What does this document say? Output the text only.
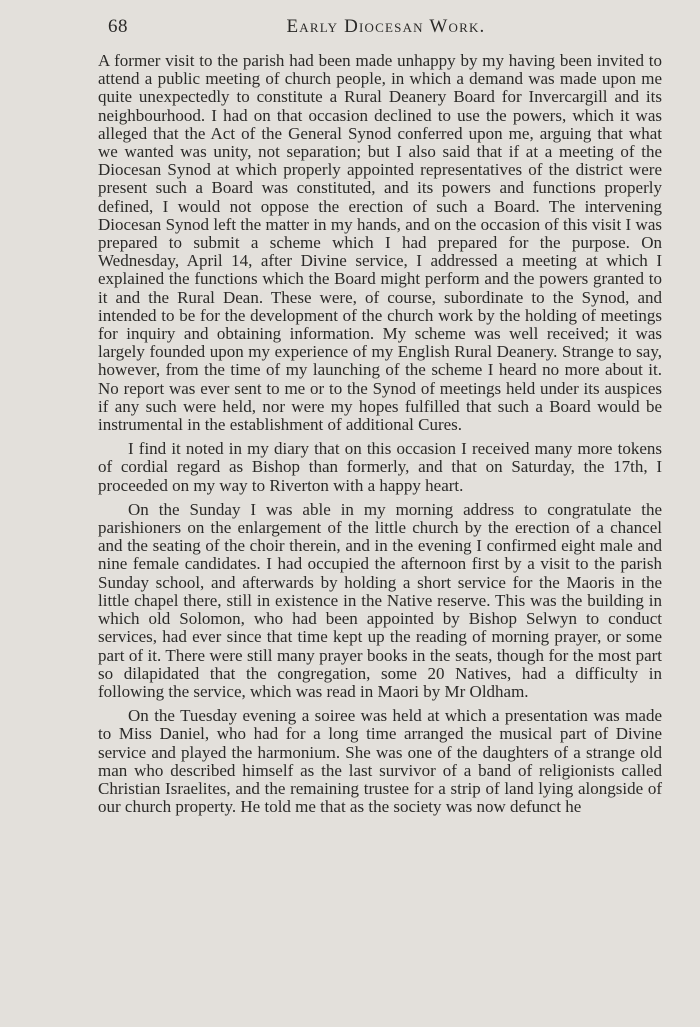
68	Early Diocesan Work.

A former visit to the parish had been made unhappy by my having been invited to attend a public meeting of church people, in which a demand was made upon me quite unexpectedly to constitute a Rural Deanery Board for Invercargill and its neighbourhood. I had on that occasion declined to use the powers, which it was alleged that the Act of the General Synod conferred upon me, arguing that what we wanted was unity, not separation; but I also said that if at a meeting of the Diocesan Synod at which properly appointed representatives of the district were present such a Board was constituted, and its powers and functions properly defined, I would not oppose the erection of such a Board. The intervening Diocesan Synod left the matter in my hands, and on the occasion of this visit I was prepared to submit a scheme which I had prepared for the purpose. On Wednesday, April 14, after Divine service, I addressed a meeting at which I explained the functions which the Board might perform and the powers granted to it and the Rural Dean. These were, of course, subordinate to the Synod, and intended to be for the development of the church work by the holding of meetings for inquiry and obtaining information. My scheme was well received; it was largely founded upon my experience of my English Rural Deanery. Strange to say, however, from the time of my launching of the scheme I heard no more about it. No report was ever sent to me or to the Synod of meetings held under its auspices if any such were held, nor were my hopes fulfilled that such a Board would be instrumental in the establishment of additional Cures.

I find it noted in my diary that on this occasion I received many more tokens of cordial regard as Bishop than formerly, and that on Saturday, the 17th, I proceeded on my way to Riverton with a happy heart.

On the Sunday I was able in my morning address to congratulate the parishioners on the enlargement of the little church by the erection of a chancel and the seating of the choir therein, and in the evening I confirmed eight male and nine female candidates. I had occupied the afternoon first by a visit to the parish Sunday school, and afterwards by holding a short service for the Maoris in the little chapel there, still in existence in the Native reserve. This was the building in which old Solomon, who had been appointed by Bishop Selwyn to conduct services, had ever since that time kept up the reading of morning prayer, or some part of it. There were still many prayer books in the seats, though for the most part so dilapidated that the congregation, some 20 Natives, had a difficulty in following the service, which was read in Maori by Mr Oldham.

On the Tuesday evening a soiree was held at which a presentation was made to Miss Daniel, who had for a long time arranged the musical part of Divine service and played the harmonium. She was one of the daughters of a strange old man who described himself as the last survivor of a band of religionists called Christian Israelites, and the remaining trustee for a strip of land lying alongside of our church property. He told me that as the society was now defunct he
